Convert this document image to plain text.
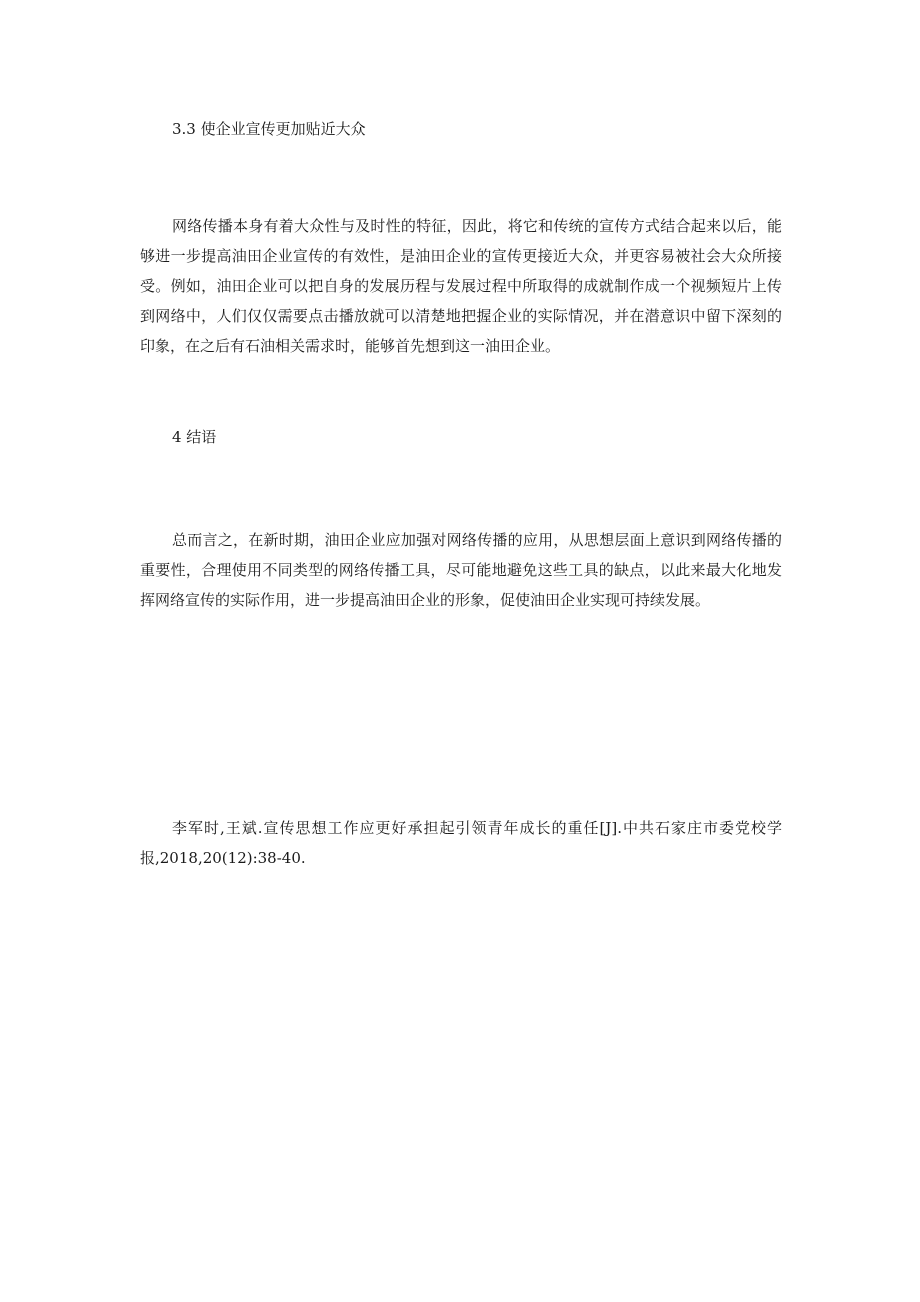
3.3 使企业宣传更加贴近大众

网络传播本身有着大众性与及时性的特征，因此，将它和传统的宣传方式结合起来以后，能够进一步提高油田企业宣传的有效性，是油田企业的宣传更接近大众，并更容易被社会大众所接受。例如，油田企业可以把自身的发展历程与发展过程中所取得的成就制作成一个视频短片上传到网络中，人们仅仅需要点击播放就可以清楚地把握企业的实际情况，并在潜意识中留下深刻的印象，在之后有石油相关需求时，能够首先想到这一油田企业。

4 结语

总而言之，在新时期，油田企业应加强对网络传播的应用，从思想层面上意识到网络传播的重要性，合理使用不同类型的网络传播工具，尽可能地避免这些工具的缺点，以此来最大化地发挥网络宣传的实际作用，进一步提高油田企业的形象，促使油田企业实现可持续发展。

李军时,王斌.宣传思想工作应更好承担起引领青年成长的重任[J].中共石家庄市委党校学报,2018,20(12):38-40.
